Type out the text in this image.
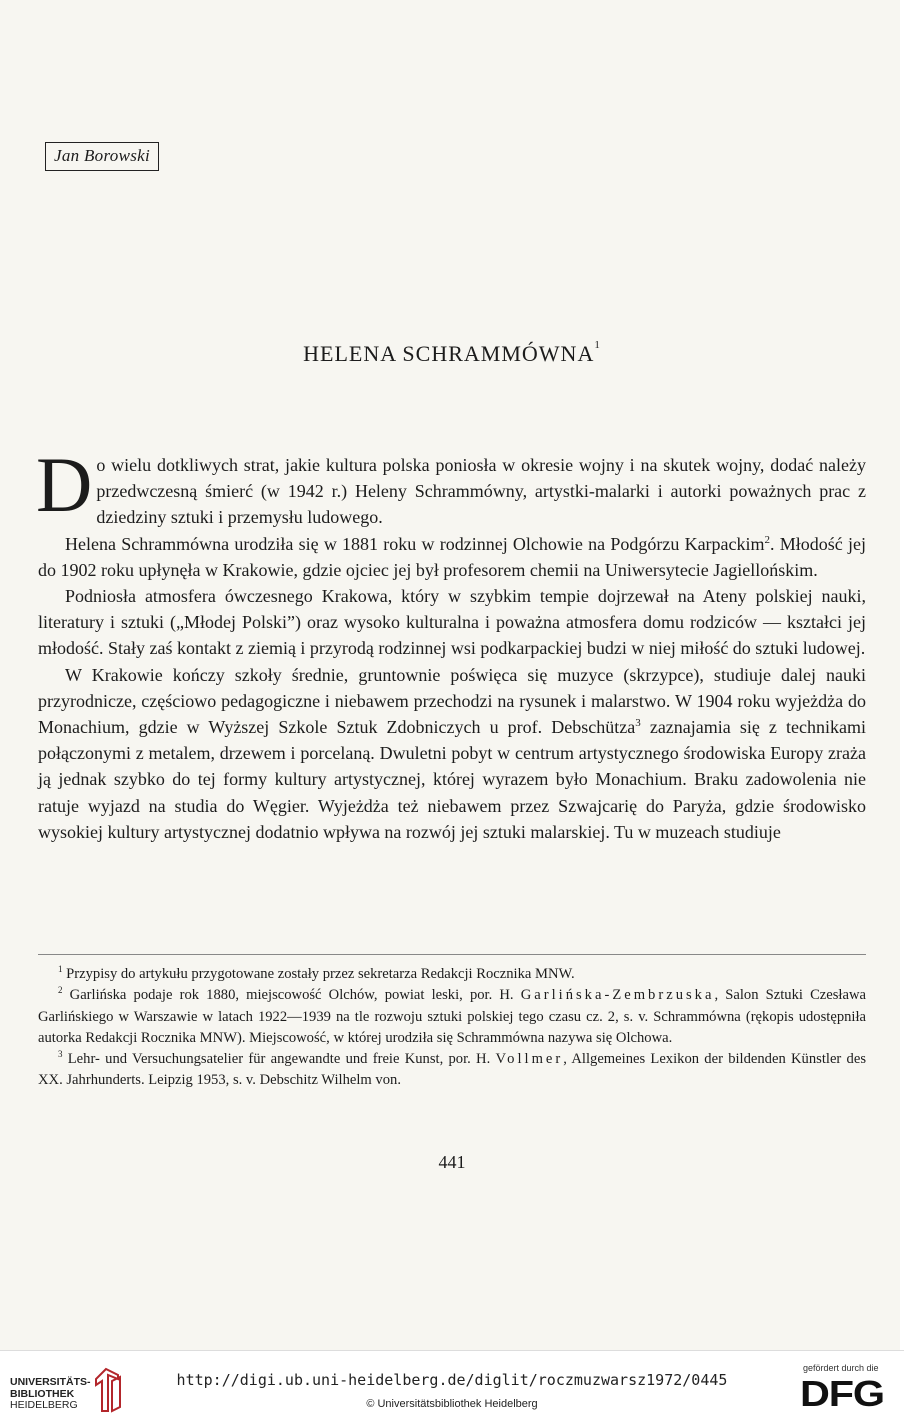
Jan Borowski
HELENA SCHRAMMÓWNA$^1$

Do wielu dotkliwych strat, jakie kultura polska poniosła w okresie wojny i na skutek wojny, dodać należy przedwczesną śmierć (w 1942 r.) Heleny Schrammówny, artystki-malarki i autorki poważnych prac z dziedziny sztuki i przemysłu ludowego.

Helena Schrammówna urodziła się w 1881 roku w rodzinnej Olchowie na Podgórzu Karpackim$^2$. Młodość jej do 1902 roku upłynęła w Krakowie, gdzie ojciec jej był profesorem chemii na Uniwersytecie Jagiellońskim.

Podniosła atmosfera ówczesnego Krakowa, który w szybkim tempie dojrzewał na Ateny polskiej nauki, literatury i sztuki („Młodej Polski”) oraz wysoko kulturalna i poważna atmosfera domu rodziców — kształci jej młodość. Stały zaś kontakt z ziemią i przyrodą rodzinnej wsi podkarpackiej budzi w niej miłość do sztuki ludowej.

W Krakowie kończy szkoły średnie, gruntownie poświęca się muzyce (skrzypce), studiuje dalej nauki przyrodnicze, częściowo pedagogiczne i niebawem przechodzi na rysunek i malarstwo. W 1904 roku wyjeżdża do Monachium, gdzie w Wyższej Szkole Sztuk Zdobniczych u prof. Debschütza$^3$ zaznajamia się z technikami połączonymi z metalem, drzewem i porcelaną. Dwuletni pobyt w centrum artystycznego środowiska Europy zraża ją jednak szybko do tej formy kultury artystycznej, której wyrazem było Monachium. Braku zadowolenia nie ratuje wyjazd na studia do Węgier. Wyjeżdża też niebawem przez Szwajcarię do Paryża, gdzie środowisko wysokiej kultury artystycznej dodatnio wpływa na rozwój jej sztuki malarskiej. Tu w muzeach studiuje

$^1$ Przypisy do artykułu przygotowane zostały przez sekretarza Redakcji Rocznika MNW.

$^2$ Garlińska podaje rok 1880, miejscowość Olchów, powiat leski, por. H. Garlińska-Zembrzuska, Salon Sztuki Czesława Garlińskiego w Warszawie w latach 1922—1939 na tle rozwoju sztuki polskiej tego czasu cz. 2, s. v. Schrammówna (rękopis udostępniła autorka Redakcji Rocznika MNW). Miejscowość, w której urodziła się Schrammówna nazywa się Olchowa.

$^3$ Lehr- und Versuchungsatelier für angewandte und freie Kunst, por. H. Vollmer, Allgemeines Lexikon der bildenden Künstler des XX. Jahrhunderts. Leipzig 1953, s. v. Debschitz Wilhelm von.

441
UNIVERSITÄTS-
BIBLIOTHEK
HEIDELBERG
http://digi.ub.uni-heidelberg.de/diglit/roczmuzwarsz1972/0445
© Universitätsbibliothek Heidelberg
gefördert durch die
DFG
